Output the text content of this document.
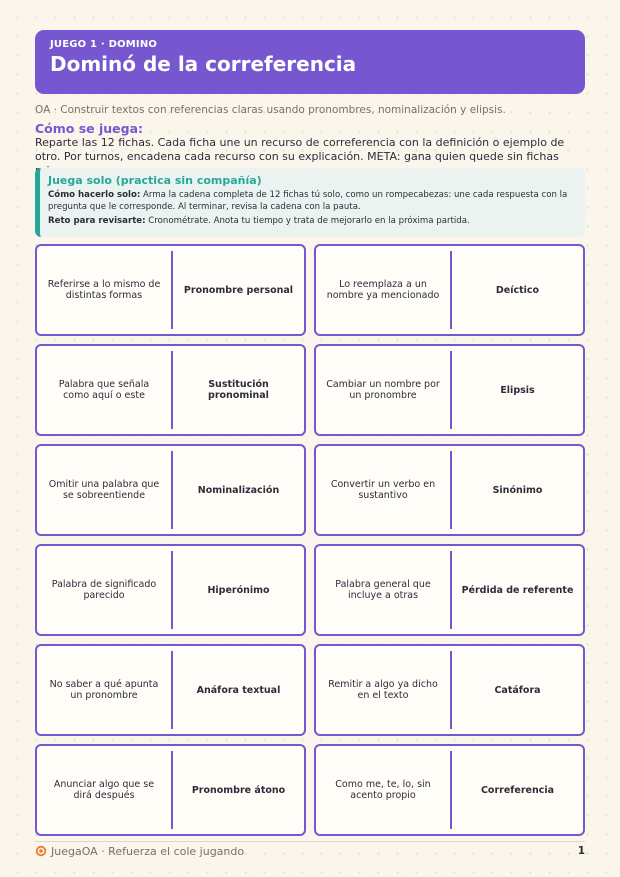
JUEGO 1 · DOMINO
Dominó de la correferencia
OA · Construir textos con referencias claras usando pronombres, nominalización y elipsis.
Cómo se juega:
Reparte las 12 fichas. Cada ficha une un recurso de correferencia con la definición o ejemplo de otro. Por turnos, encadena cada recurso con su explicación. META: gana quien quede sin fichas
Juega solo (practica sin compañía)

Cómo hacerlo solo: Arma la cadena completa de 12 fichas tú solo, como un rompecabezas: une cada respuesta con la pregunta que le corresponde. Al terminar, revisa la cadena con la pauta.

Reto para revisarte: Cronométrate. Anota tu tiempo y trata de mejorarlo en la próxima partida.

Referirse a lo mismo de distintas formas	Pronombre personal	Lo reemplaza a un nombre ya mencionado	Deíctico
Palabra que señala como aquí o este
Sustitución pronominal
Cambiar un nombre por un pronombre	Elipsis
Omitir una palabra que se sobreentiende	Nominalización	Convertir un verbo en sustantivo	Sinónimo
Palabra de significado parecido	Hiperónimo	Palabra general que incluye a otras	Pérdida de referente
No saber a qué apunta un pronombre	Anáfora textual	Remitir a algo ya dicho en el texto	Catáfora
Anunciar algo que se dirá después	Pronombre átono	Como me, te, lo, sin acento propio	Correferencia
JuegaOA · Refuerza el cole jugando	1
